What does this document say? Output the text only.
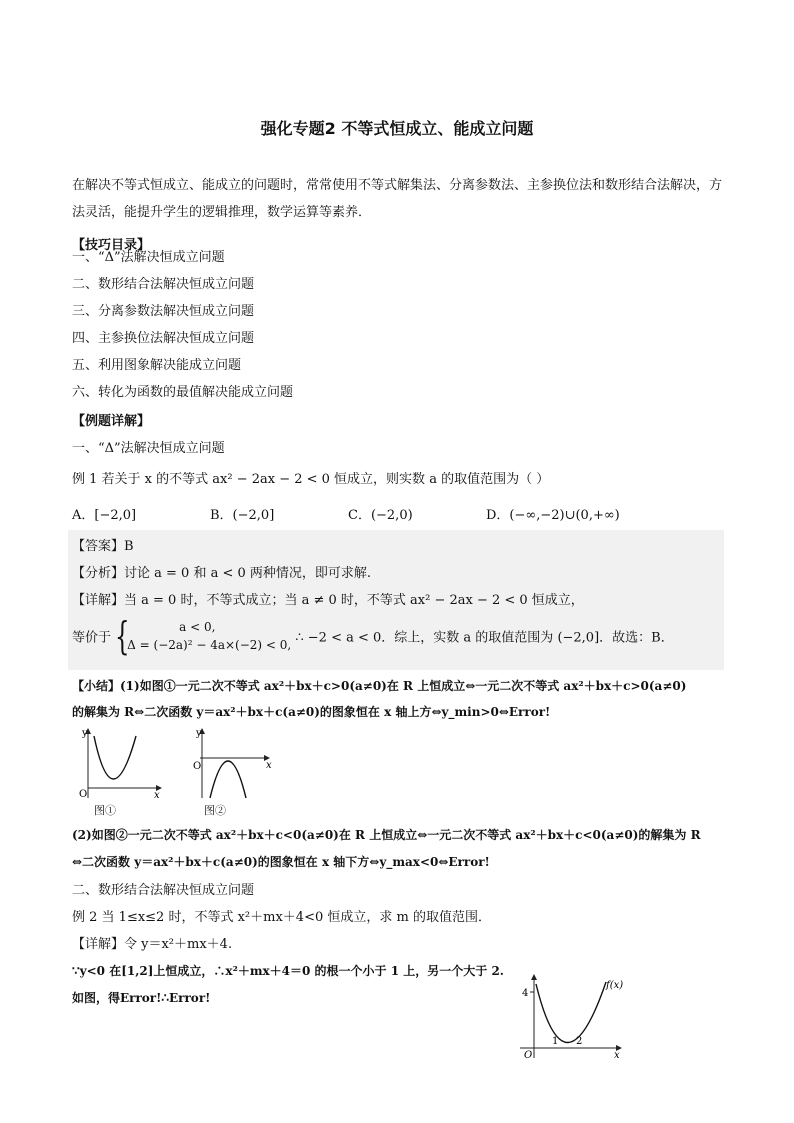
强化专题2 不等式恒成立、能成立问题
在解决不等式恒成立、能成立的问题时，常常使用不等式解集法、分离参数法、主参换位法和数形结合法解决，方法灵活，能提升学生的逻辑推理，数学运算等素养．
【技巧目录】
一、“Δ”法解决恒成立问题
二、数形结合法解决恒成立问题
三、分离参数法解决恒成立问题
四、主参换位法解决恒成立问题
五、利用图象解决能成立问题
六、转化为函数的最值解决能成立问题
【例题详解】
一、“Δ”法解决恒成立问题
例 1 若关于 x 的不等式 ax² − 2ax − 2 < 0 恒成立，则实数 a 的取值范围为（ ）
A．[−2,0]	B．(−2,0]	C．(−2,0)	D．(−∞,−2)∪(0,+∞)
【答案】B
【分析】讨论 a = 0 和 a < 0 两种情况，即可求解.
【详解】当 a = 0 时，不等式成立；当 a ≠ 0 时，不等式 ax² − 2ax − 2 < 0 恒成立，
等价于 {	a < 0,
Δ = (−2a)² − 4a×(−2) < 0, ∴ −2 < a < 0．综上，实数 a 的取值范围为 (−2,0]．故选：B．
【小结】(1)如图①一元二次不等式 ax²＋bx＋c>0(a≠0)在 R 上恒成立⇔一元二次不等式 ax²＋bx＋c>0(a≠0)
的解集为 R⇔二次函数 y＝ax²＋bx＋c(a≠0)的图象恒在 x 轴上方⇔y_min>0⇔Error!
y
O	x
图①
y
O	x
图②
(2)如图②一元二次不等式 ax²＋bx＋c<0(a≠0)在 R 上恒成立⇔一元二次不等式 ax²＋bx＋c<0(a≠0)的解集为 R
⇔二次函数 y＝ax²＋bx＋c(a≠0)的图象恒在 x 轴下方⇔y_max<0⇔Error!
二、数形结合法解决恒成立问题
例 2 当 1≤x≤2 时，不等式 x²＋mx＋4<0 恒成立，求 m 的取值范围．
【详解】令 y＝x²＋mx＋4.
∵y<0 在[1,2]上恒成立，∴x²＋mx＋4＝0 的根一个小于 1 上，另一个大于 2.
如图，得Error!∴Error!	4
1 2
f(x)
O	x
